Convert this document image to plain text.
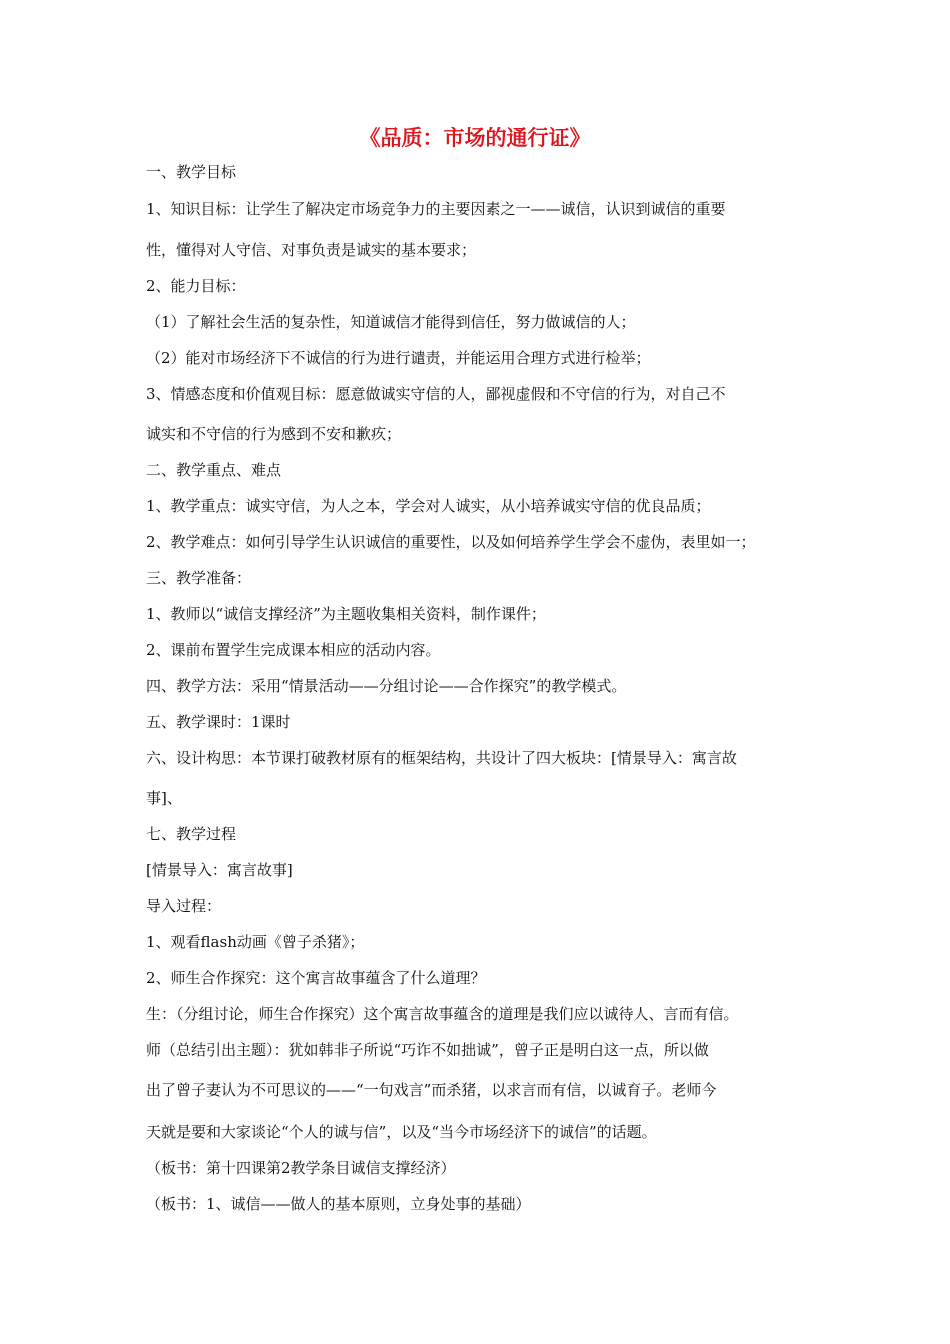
《品质：市场的通行证》
一、教学目标
1、知识目标：让学生了解决定市场竞争力的主要因素之一——诚信，认识到诚信的重要
性，懂得对人守信、对事负责是诚实的基本要求；
2、能力目标：
（1）了解社会生活的复杂性，知道诚信才能得到信任，努力做诚信的人；
（2）能对市场经济下不诚信的行为进行谴责，并能运用合理方式进行检举；
3、情感态度和价值观目标：愿意做诚实守信的人，鄙视虚假和不守信的行为，对自己不
诚实和不守信的行为感到不安和歉疚；
二、教学重点、难点
1、教学重点：诚实守信，为人之本，学会对人诚实，从小培养诚实守信的优良品质；
2、教学难点：如何引导学生认识诚信的重要性，以及如何培养学生学会不虚伪，表里如一；
三、教学准备：
1、教师以“诚信支撑经济”为主题收集相关资料，制作课件；
2、课前布置学生完成课本相应的活动内容。
四、教学方法：采用“情景活动——分组讨论——合作探究”的教学模式。
五、教学课时：1课时
六、设计构思：本节课打破教材原有的框架结构，共设计了四大板块：[情景导入：寓言故
事]、
七、教学过程
[情景导入：寓言故事]
导入过程：
1、观看flash动画《曾子杀猪》；
2、师生合作探究：这个寓言故事蕴含了什么道理？
生：（分组讨论，师生合作探究）这个寓言故事蕴含的道理是我们应以诚待人、言而有信。
师（总结引出主题）：犹如韩非子所说“巧诈不如拙诚”，曾子正是明白这一点，所以做
出了曾子妻认为不可思议的——“一句戏言”而杀猪，以求言而有信，以诚育子。老师今
天就是要和大家谈论“个人的诚与信”，以及“当今市场经济下的诚信”的话题。
（板书：第十四课第2教学条目诚信支撑经济）
（板书：1、诚信——做人的基本原则，立身处事的基础）
